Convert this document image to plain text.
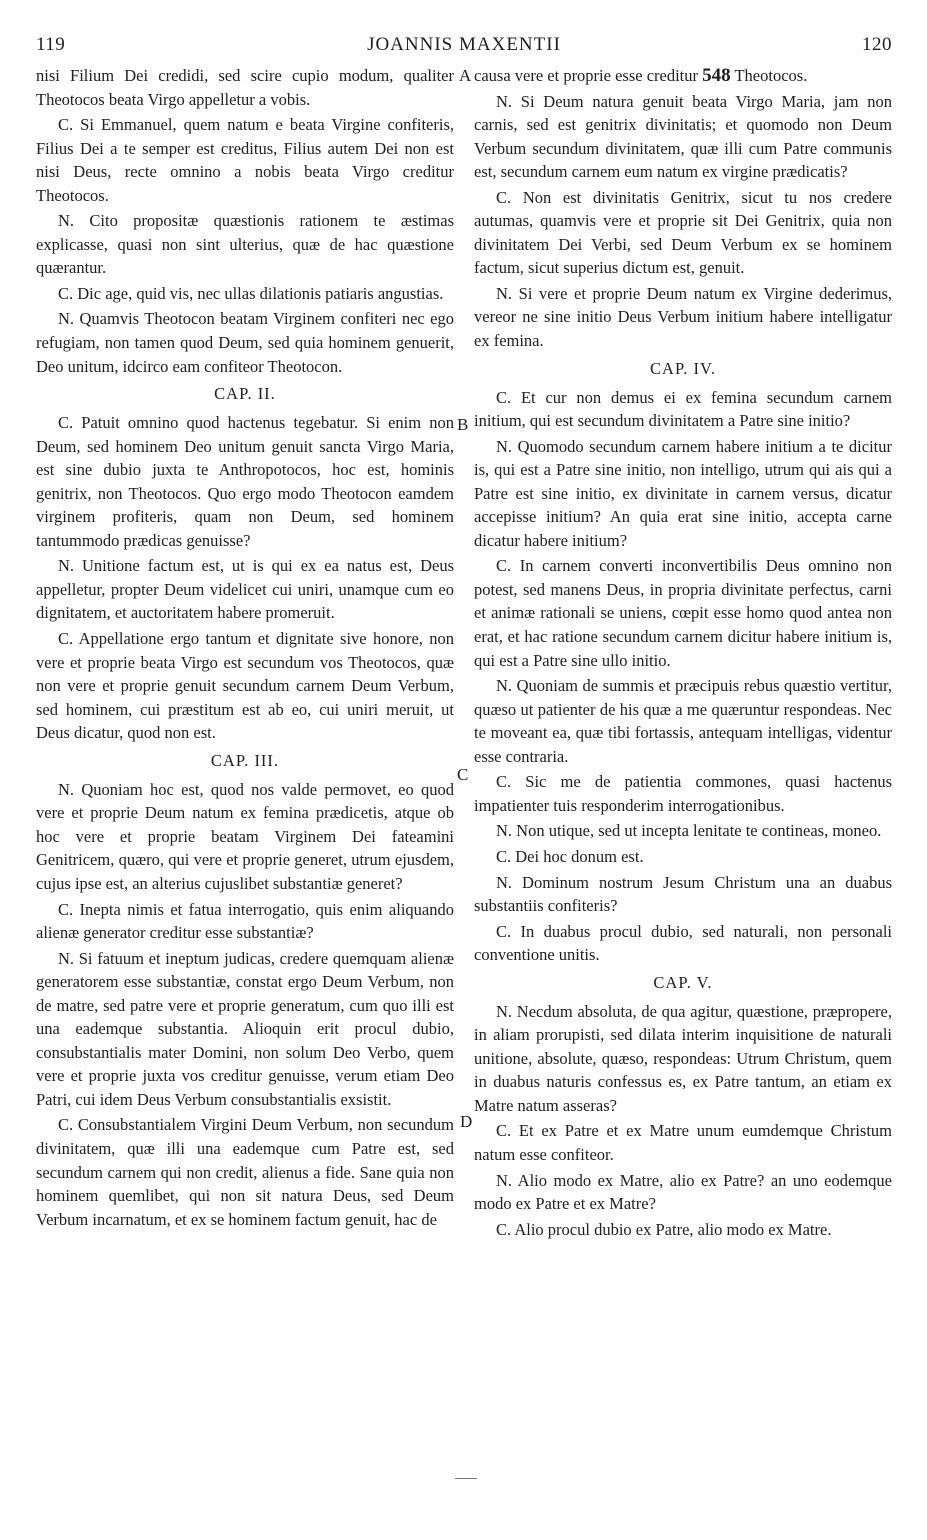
119	JOANNIS MAXENTII	120

nisi Filium Dei credidi, sed scire cupio modum, qualiter Theotocos beata Virgo appelletur a vobis.

C. Si Emmanuel, quem natum e beata Virgine confiteris, Filius Dei a te semper est creditus, Filius autem Dei non est nisi Deus, recte omnino a nobis beata Virgo creditur Theotocos.

N. Cito propositæ quæstionis rationem te æstimas explicasse, quasi non sint ulterius, quæ de hac quæstione quærantur.

C. Dic age, quid vis, nec ullas dilationis patiaris angustias.

N. Quamvis Theotocon beatam Virginem confiteri nec ego refugiam, non tamen quod Deum, sed quia hominem genuerit, Deo unitum, idcirco eam confiteor Theotocon.

CAP. II.

C. Patuit omnino quod hactenus tegebatur. Si enim non Deum, sed hominem Deo unitum genuit sancta Virgo Maria, est sine dubio juxta te Anthropotocos, hoc est, hominis genitrix, non Theotocos. Quo ergo modo Theotocon eamdem virginem profiteris, quam non Deum, sed hominem tantummodo prædicas genuisse?

N. Unitione factum est, ut is qui ex ea natus est, Deus appelletur, propter Deum videlicet cui uniri, unamque cum eo dignitatem, et auctoritatem habere promeruit.

C. Appellatione ergo tantum et dignitate sive honore, non vere et proprie beata Virgo est secundum vos Theotocos, quæ non vere et proprie genuit secundum carnem Deum Verbum, sed hominem, cui præstitum est ab eo, cui uniri meruit, ut Deus dicatur, quod non est.

CAP. III.

N. Quoniam hoc est, quod nos valde permovet, eo quod vere et proprie Deum natum ex femina prædicetis, atque ob hoc vere et proprie beatam Virginem Dei fateamini Genitricem, quæro, qui vere et proprie generet, utrum ejusdem, cujus ipse est, an alterius cujuslibet substantiæ generet?

C. Inepta nimis et fatua interrogatio, quis enim aliquando alienæ generator creditur esse substantiæ?

N. Si fatuum et ineptum judicas, credere quemquam alienæ generatorem esse substantiæ, constat ergo Deum Verbum, non de matre, sed patre vere et proprie generatum, cum quo illi est una eademque substantia. Alioquin erit procul dubio, consubstantialis mater Domini, non solum Deo Verbo, quem vere et proprie juxta vos creditur genuisse, verum etiam Deo Patri, cui idem Deus Verbum consubstantialis exsistit.

C. Consubstantialem Virgini Deum Verbum, non secundum divinitatem, quæ illi una eademque cum Patre est, sed secundum carnem qui non credit, alienus a fide. Sane quia non hominem quemlibet, qui non sit natura Deus, sed Deum Verbum incarnatum, et ex se hominem factum genuit, hac de

causa vere et proprie esse creditur 548 Theotocos.

N. Si Deum natura genuit beata Virgo Maria, jam non carnis, sed est genitrix divinitatis; et quomodo non Deum Verbum secundum divinitatem, quæ illi cum Patre communis est, secundum carnem eum natum ex virgine prædicatis?

C. Non est divinitatis Genitrix, sicut tu nos credere autumas, quamvis vere et proprie sit Dei Genitrix, quia non divinitatem Dei Verbi, sed Deum Verbum ex se hominem factum, sicut superius dictum est, genuit.

N. Si vere et proprie Deum natum ex Virgine dederimus, vereor ne sine initio Deus Verbum initium habere intelligatur ex femina.

CAP. IV.

C. Et cur non demus ei ex femina secundum carnem initium, qui est secundum divinitatem a Patre sine initio?

N. Quomodo secundum carnem habere initium a te dicitur is, qui est a Patre sine initio, non intelligo, utrum qui ais qui a Patre est sine initio, ex divinitate in carnem versus, dicatur accepisse initium? An quia erat sine initio, accepta carne dicatur habere initium?

C. In carnem converti inconvertibilis Deus omnino non potest, sed manens Deus, in propria divinitate perfectus, carni et animæ rationali se uniens, cœpit esse homo quod antea non erat, et hac ratione secundum carnem dicitur habere initium is, qui est a Patre sine ullo initio.

N. Quoniam de summis et præcipuis rebus quæstio vertitur, quæso ut patienter de his quæ a me quæruntur respondeas. Nec te moveant ea, quæ tibi fortassis, antequam intelligas, videntur esse contraria.

C. Sic me de patientia commones, quasi hactenus impatienter tuis responderim interrogationibus.

N. Non utique, sed ut incepta lenitate te contineas, moneo.

C. Dei hoc donum est.

N. Dominum nostrum Jesum Christum una an duabus substantiis confiteris?

C. In duabus procul dubio, sed naturali, non personali conventione unitis.

CAP. V.

N. Necdum absoluta, de qua agitur, quæstione, præpropere, in aliam prorupisti, sed dilata interim inquisitione de naturali unitione, absolute, quæso, respondeas: Utrum Christum, quem in duabus naturis confessus es, ex Patre tantum, an etiam ex Matre natum asseras?

C. Et ex Patre et ex Matre unum eumdemque Christum natum esse confiteor.

N. Alio modo ex Matre, alio ex Patre? an uno eodemque modo ex Patre et ex Matre?

C. Alio procul dubio ex Patre, alio modo ex Matre.

A
B
C
D
